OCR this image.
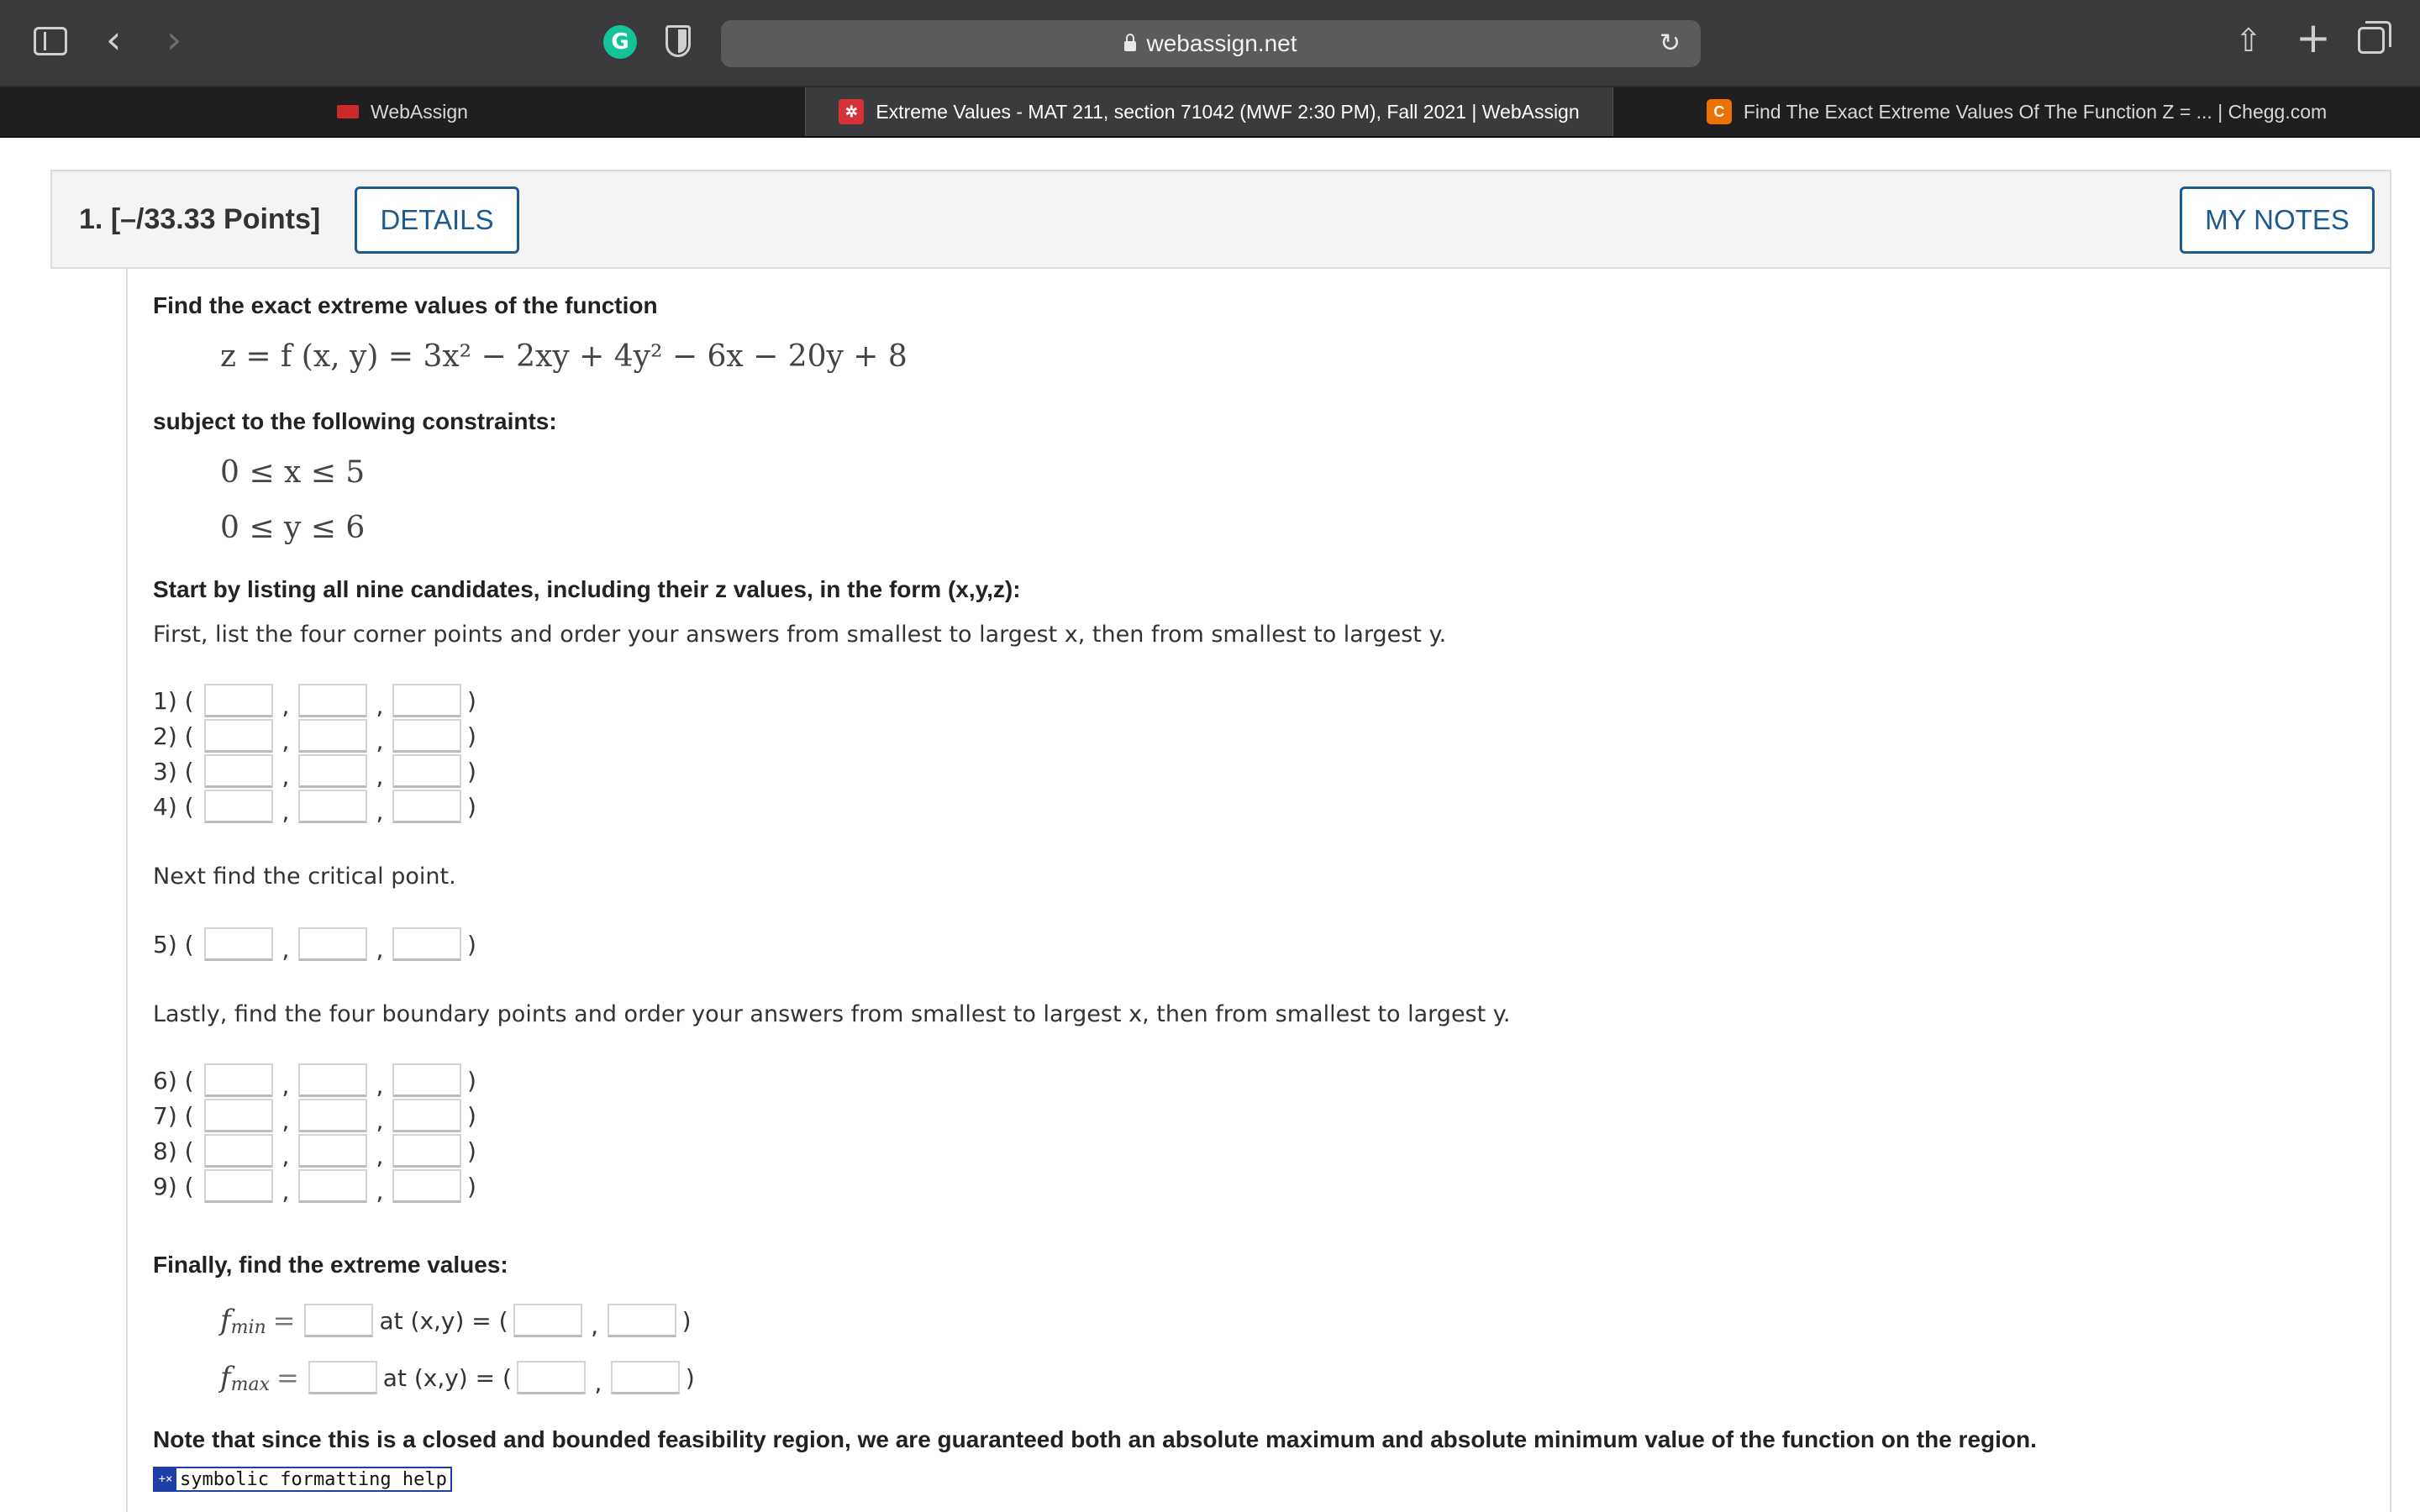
‹ ›	G	webassign.net	↻	⇧ +
WebAssign	✲ Extreme Values - MAT 211, section 71042 (MWF 2:30 PM), Fall 2021 | WebAssign	C Find The Exact Extreme Values Of The Function Z = ... | Chegg.com
1. [–/33.33 Points]	DETAILS	MY NOTES
Find the exact extreme values of the function
z = f (x, y) = 3x² − 2xy + 4y² − 6x − 20y + 8
subject to the following constraints:
0 ≤ x ≤ 5
0 ≤ y ≤ 6
Start by listing all nine candidates, including their z values, in the form (x,y,z):
First, list the four corner points and order your answers from smallest to largest x, then from smallest to largest y.
1) (	,	,	)
2) (	,	,	)
3) (	,	,	)
4) (	,	,	)
Next find the critical point.
5) (	,	,	)
Lastly, find the four boundary points and order your answers from smallest to largest x, then from smallest to largest y.
6) (	,	,	)
7) (	,	,	)
8) (	,	,	)
9) (	,	,	)
Finally, find the extreme values:
f min =	at (x,y) = (	,	)
f max =	at (x,y) = (	,	)
Note that since this is a closed and bounded feasibility region, we are guaranteed both an absolute maximum and absolute minimum value of the function on the region.
+× symbolic formatting help
